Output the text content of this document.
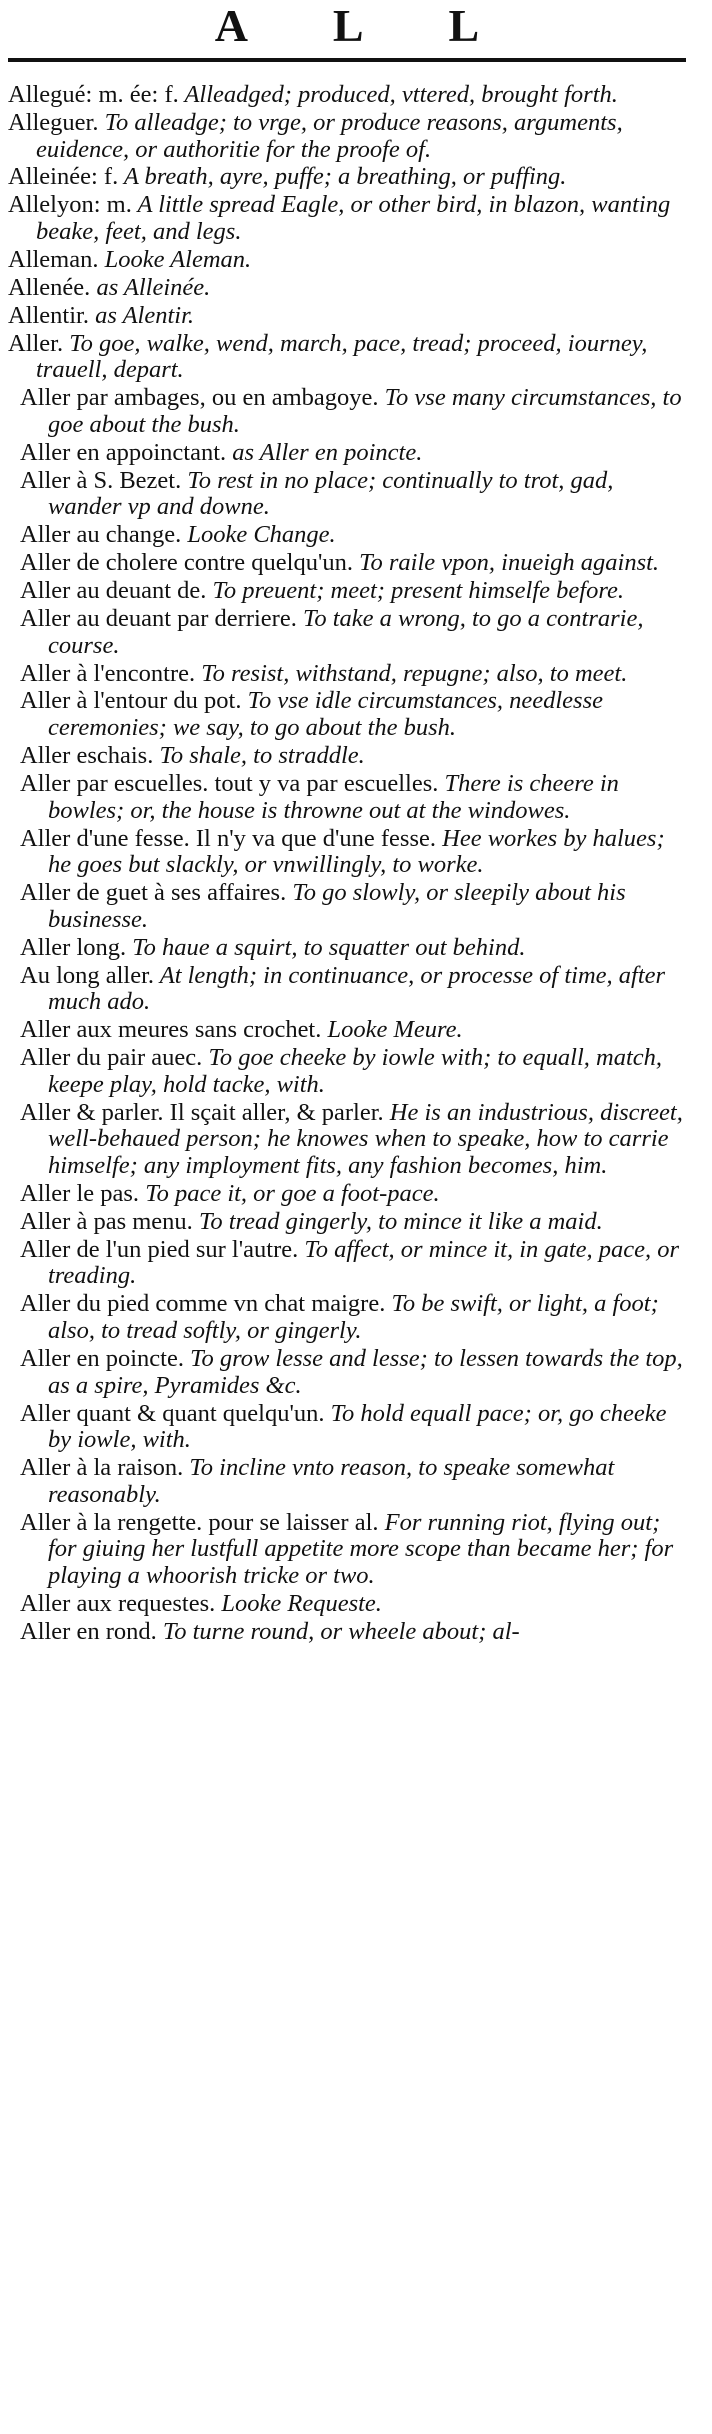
A L L

Allegué: m. ée: f. Alleadged; produced, vttered, brought forth.

Alleguer. To alleadge; to vrge, or produce reasons, arguments, euidence, or authoritie for the proofe of.

Alleinée: f. A breath, ayre, puffe; a breathing, or puffing.

Allelyon: m. A little spread Eagle, or other bird, in blazon, wanting beake, feet, and legs.

Alleman. Looke Aleman.

Allenée. as Alleinée.

Allentir. as Alentir.

Aller. To goe, walke, wend, march, pace, tread; proceed, iourney, trauell, depart.

Aller par ambages, ou en ambagoye. To vse many circumstances, to goe about the bush.

Aller en appoinctant. as Aller en poincte.

Aller à S. Bezet. To rest in no place; continually to trot, gad, wander vp and downe.

Aller au change. Looke Change.

Aller de cholere contre quelqu'un. To raile vpon, inueigh against.

Aller au deuant de. To preuent; meet; present himselfe before.

Aller au deuant par derriere. To take a wrong, to go a contrarie, course.

Aller à l'encontre. To resist, withstand, repugne; also, to meet.

Aller à l'entour du pot. To vse idle circumstances, needlesse ceremonies; we say, to go about the bush.

Aller eschais. To shale, to straddle.

Aller par escuelles. tout y va par escuelles. There is cheere in bowles; or, the house is throwne out at the windowes.

Aller d'une fesse. Il n'y va que d'une fesse. Hee workes by halues; he goes but slackly, or vnwillingly, to worke.

Aller de guet à ses affaires. To go slowly, or sleepily about his businesse.

Aller long. To haue a squirt, to squatter out behind.

Au long aller. At length; in continuance, or processe of time, after much ado.

Aller aux meures sans crochet. Looke Meure.

Aller du pair auec. To goe cheeke by iowle with; to equall, match, keepe play, hold tacke, with.

Aller & parler. Il sçait aller, & parler. He is an industrious, discreet, well-behaued person; he knowes when to speake, how to carrie himselfe; any imployment fits, any fashion becomes, him.

Aller le pas. To pace it, or goe a foot-pace.

Aller à pas menu. To tread gingerly, to mince it like a maid.

Aller de l'un pied sur l'autre. To affect, or mince it, in gate, pace, or treading.

Aller du pied comme vn chat maigre. To be swift, or light, a foot; also, to tread softly, or gingerly.

Aller en poincte. To grow lesse and lesse; to lessen towards the top, as a spire, Pyramides &c.

Aller quant & quant quelqu'un. To hold equall pace; or, go cheeke by iowle, with.

Aller à la raison. To incline vnto reason, to speake somewhat reasonably.

Aller à la rengette. pour se laisser al. For running riot, flying out; for giuing her lustfull appetite more scope than became her; for playing a whoorish tricke or two.

Aller aux requestes. Looke Requeste.

Aller en rond. To turne round, or wheele about; al-
